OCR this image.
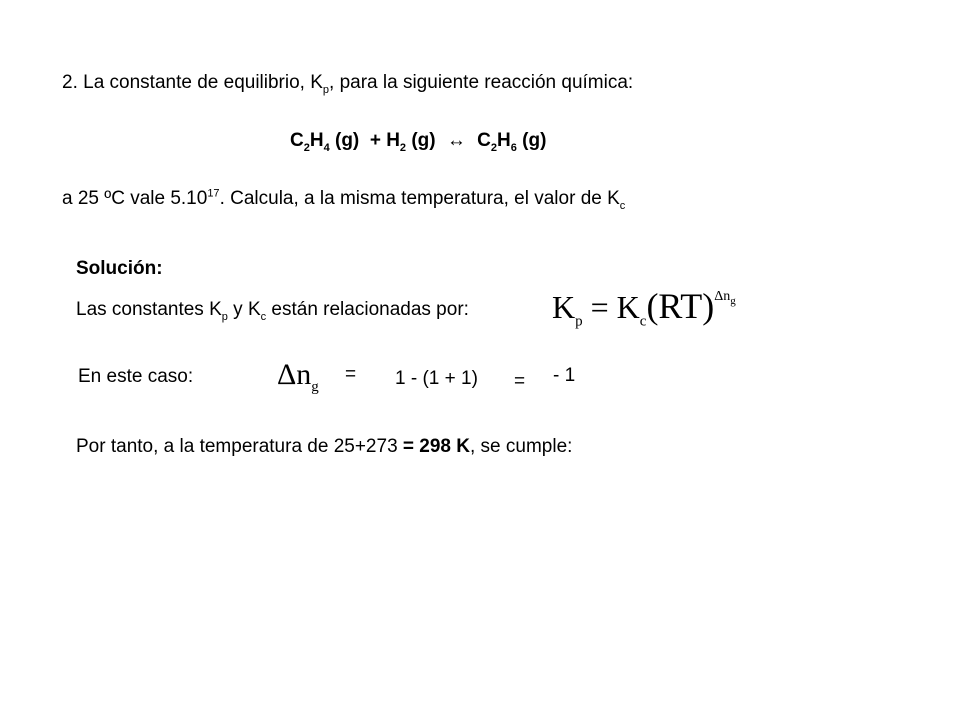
2. La constante de equilibrio, $K_p$, para la siguiente reacción química:
$C_2H_4$ $(g) + H_2$ (g) ↔ $C_2H_6$ (g)
a 25 ºC vale 5.10$^{17}$. Calcula, a la misma temperatura, el valor de $K_c$
Solución:
Las constantes $K_p$ y $K_c$ están relacionadas por:	$K_p = K_c(RT)^{\Delta n_g}$
En este caso:	$\Delta n_g$
= 1 - (1 + 1) = - 1
Por tanto, a la temperatura de 25+273 = 298 K, se cumple:
